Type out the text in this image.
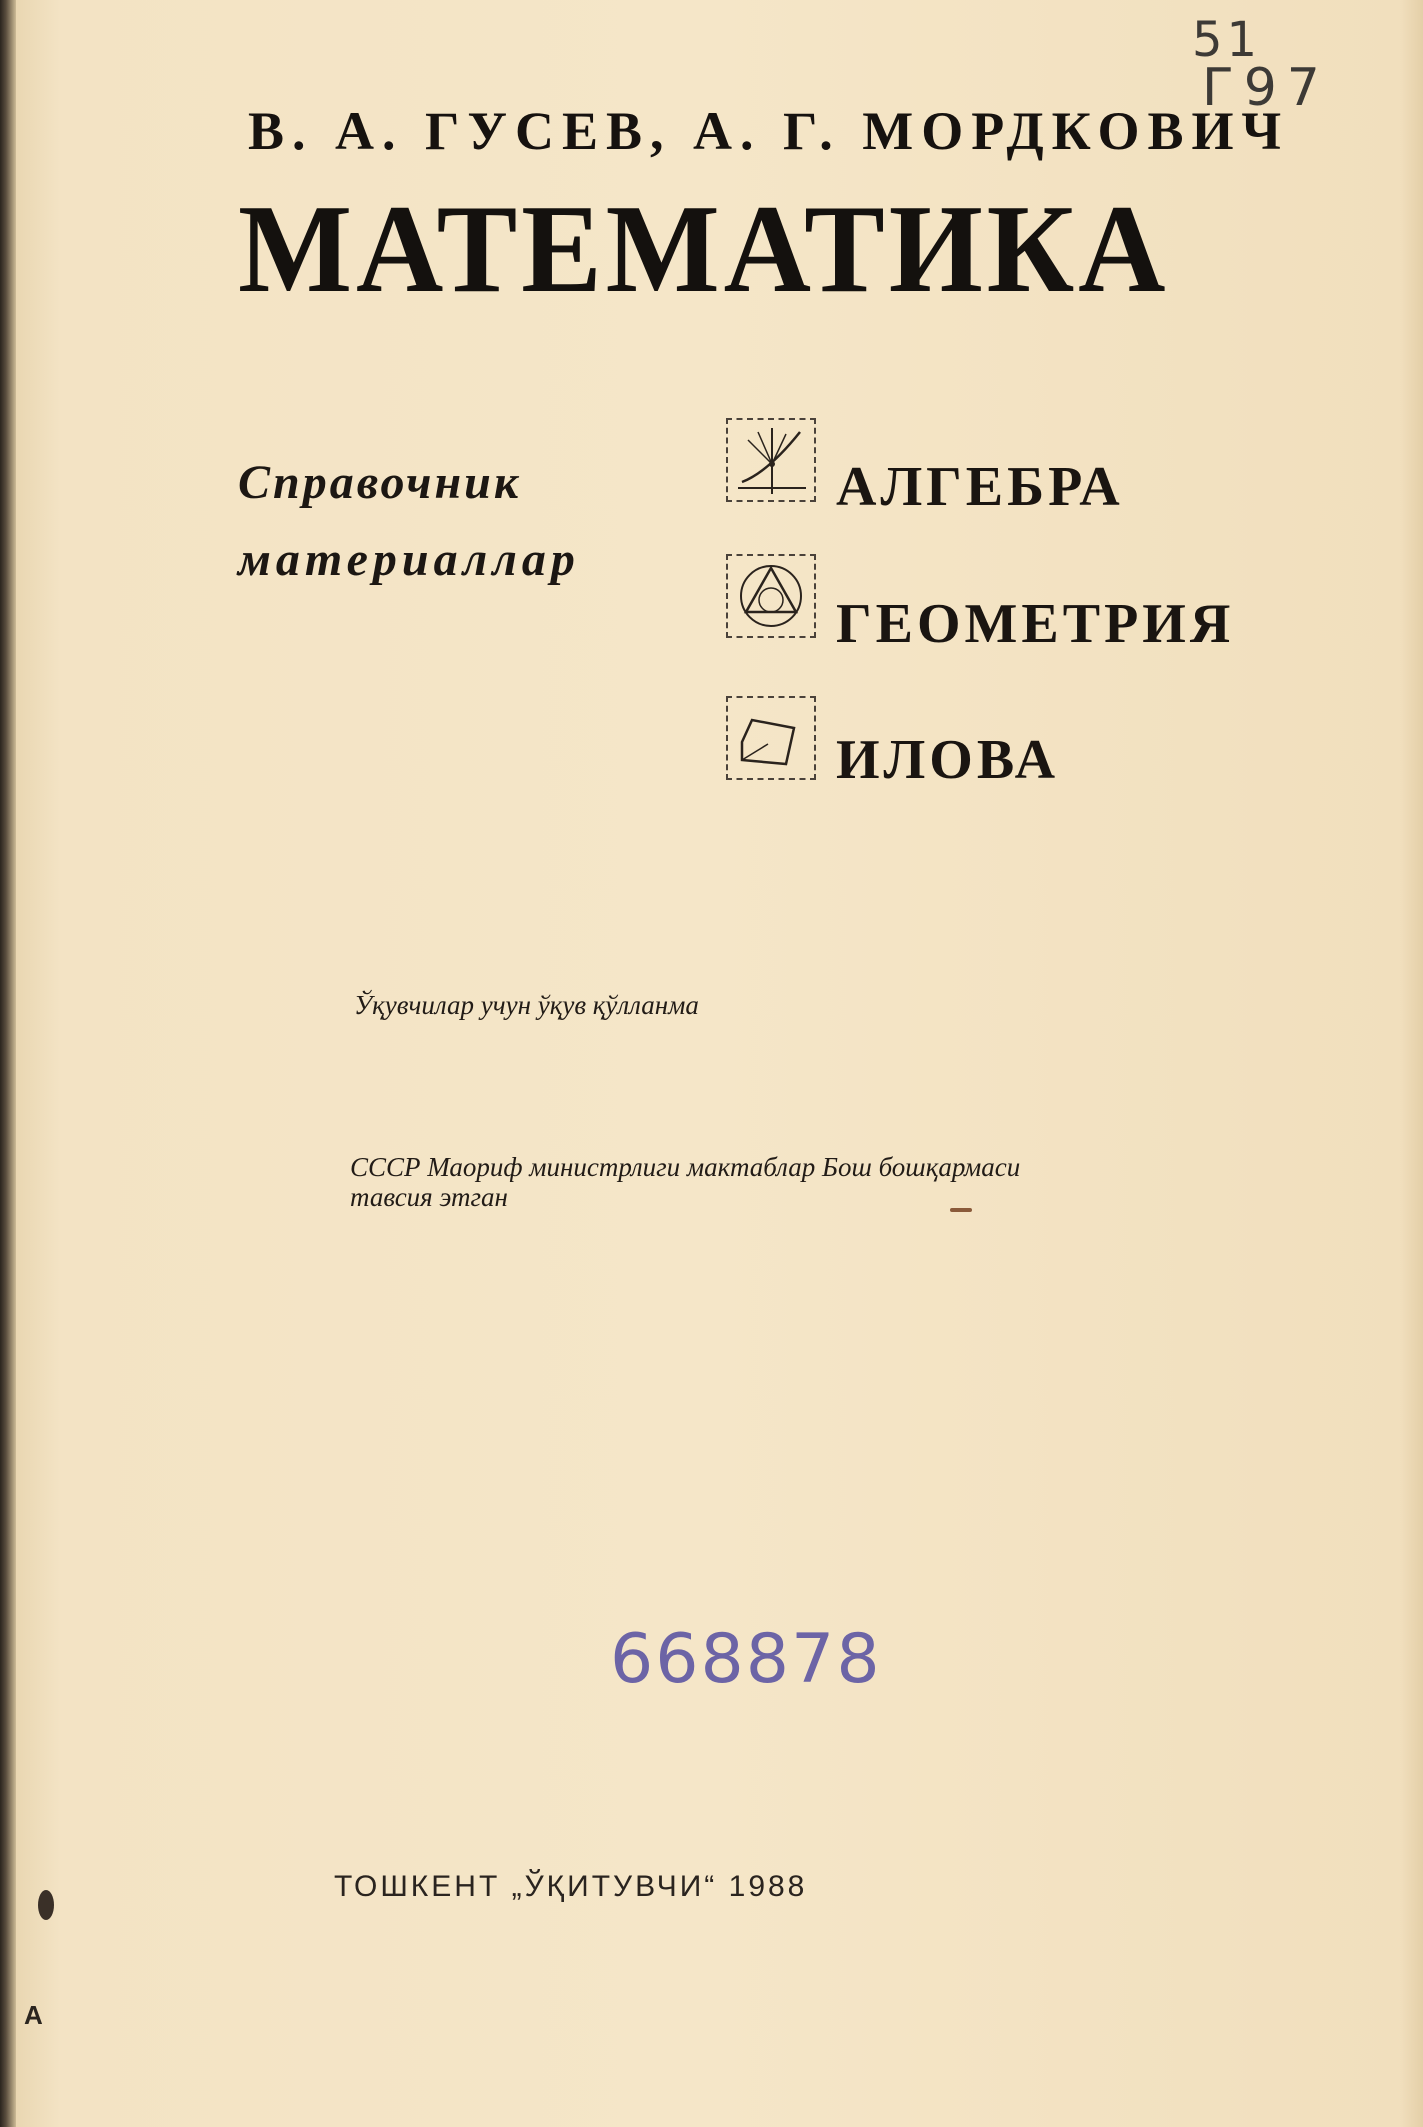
51
Г97
В. А. ГУСЕВ, А. Г. МОРДКОВИЧ
МАТЕМАТИКА
Справочник
материаллар
АЛГЕБРА
ГЕОМЕТРИЯ
ИЛОВА
Ўқувчилар учун ўқув қўлланма
СССР Маориф министрлиги мактаблар Бош бошқармаси
тавсия этган
668878
ТОШКЕНТ „ЎҚИТУВЧИ“ 1988
А
